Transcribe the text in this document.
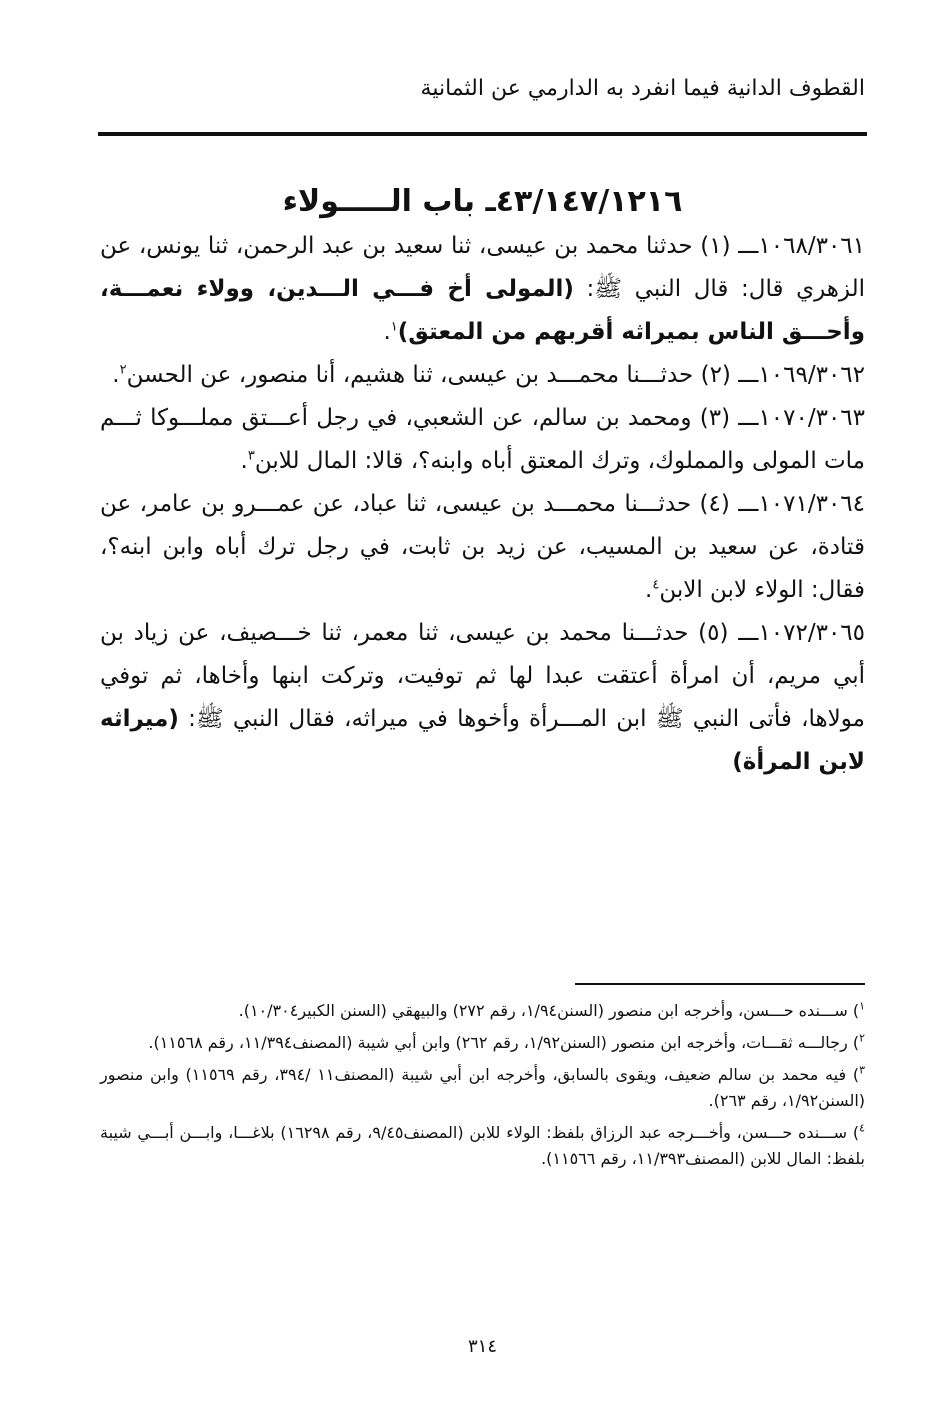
القطوف الدانية فيما انفرد به الدارمي عن الثمانية
٤٣/١٤٧/١٢١٦ـ باب الـــــولاء

١٠٦٨/٣٠٦١ـــ (١) حدثنا محمد بن عيسى، ثنا سعيد بن عبد الرحمن، ثنا يونس، عن الزهري قال: قال النبي ﷺ: (المولى أخ فـــي الـــدين، وولاء نعمـــة، وأحـــق الناس بميراثه أقربهم من المعتق)$^١$.

١٠٦٩/٣٠٦٢ـــ (٢) حدثـــنا محمـــد بن عيسى، ثنا هشيم، أنا منصور، عن الحسن$^٢$.

١٠٧٠/٣٠٦٣ـــ (٣) ومحمد بن سالم، عن الشعبي، في رجل أعـــتق مملـــوكا ثـــم مات المولى والمملوك، وترك المعتق أباه وابنه؟، قالا: المال للابن$^٣$.

١٠٧١/٣٠٦٤ـــ (٤) حدثـــنا محمـــد بن عيسى، ثنا عباد، عن عمـــرو بن عامر، عن قتادة، عن سعيد بن المسيب، عن زيد بن ثابت، في رجل ترك أباه وابن ابنه؟، فقال: الولاء لابن الابن$^٤$.

١٠٧٢/٣٠٦٥ـــ (٥) حدثـــنا محمد بن عيسى، ثنا معمر، ثنا خـــصيف، عن زياد بن أبي مريم، أن امرأة أعتقت عبدا لها ثم توفيت، وتركت ابنها وأخاها، ثم توفي مولاها، فأتى النبي ﷺ ابن المـــرأة وأخوها في ميراثه، فقال النبي ﷺ: (ميراثه لابن المرأة)

$^١$) ســـنده حـــسن، وأخرجه ابن منصور (السنن١/٩٤، رقم ٢٧٢) والبيهقي (السنن الكبير١٠/٣٠٤).

$^٢$) رجالـــه ثقـــات، وأخرجه ابن منصور (السنن١/٩٢، رقم ٢٦٢) وابن أبي شيبة (المصنف١١/٣٩٤، رقم ١١٥٦٨).

$^٣$) فيه محمد بن سالم ضعيف، ويقوى بالسابق، وأخرجه ابن أبي شيبة (المصنف١١ /٣٩٤، رقم ١١٥٦٩) وابن منصور (السنن١/٩٢، رقم ٢٦٣).

$^٤$) ســـنده حـــسن، وأخـــرجه عبد الرزاق بلفظ: الولاء للابن (المصنف٩/٤٥، رقم ١٦٢٩٨) بلاغـــا، وابـــن أبـــي شيبة بلفظ: المال للابن (المصنف١١/٣٩٣، رقم ١١٥٦٦).

٣١٤
